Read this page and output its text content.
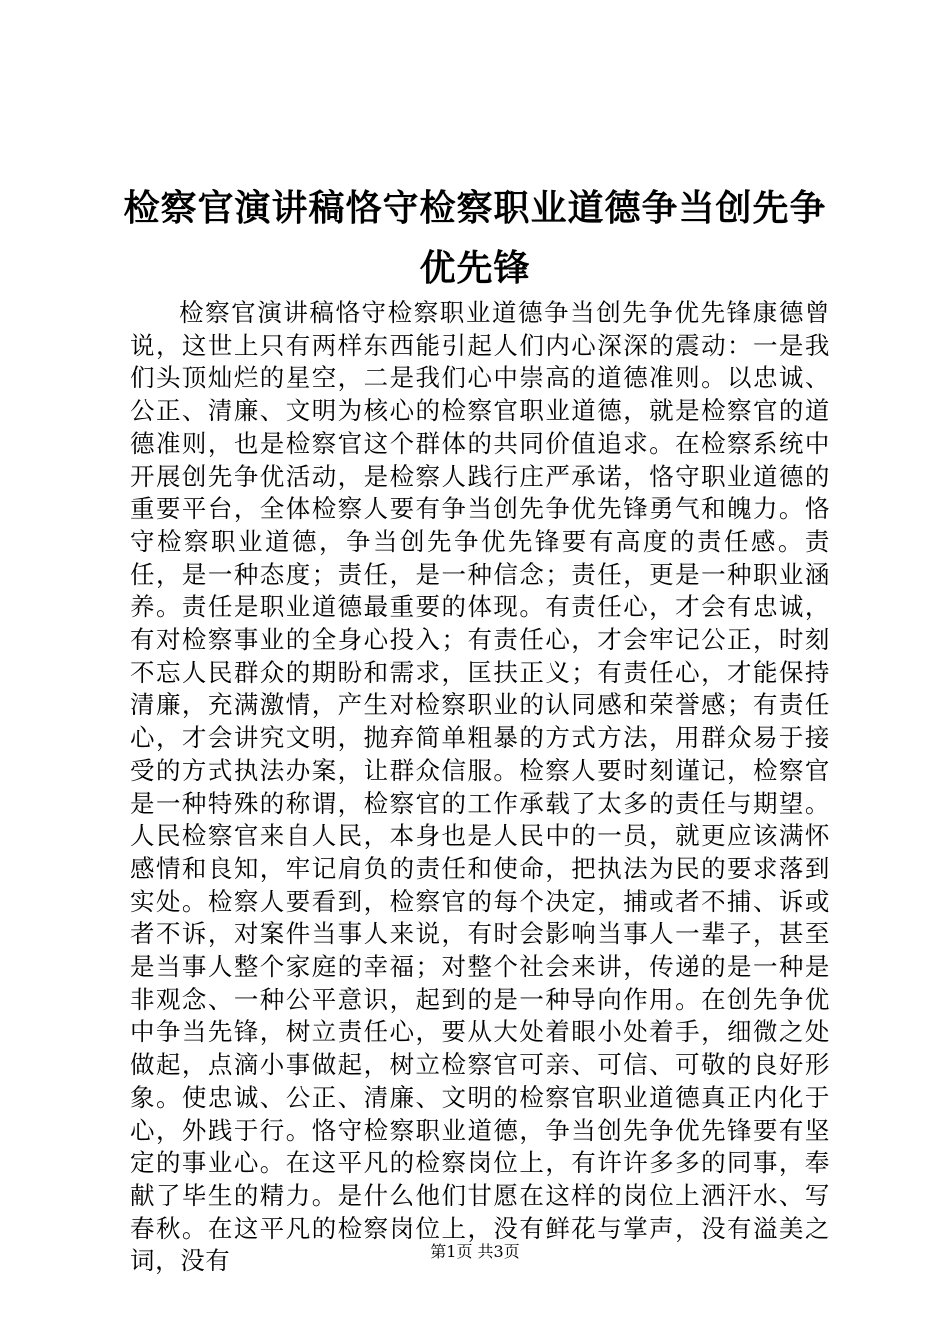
检察官演讲稿恪守检察职业道德争当创先争优先锋

检察官演讲稿恪守检察职业道德争当创先争优先锋康德曾说，这世上只有两样东西能引起人们内心深深的震动：一是我们头顶灿烂的星空，二是我们心中崇高的道德准则。以忠诚、公正、清廉、文明为核心的检察官职业道德，就是检察官的道德准则，也是检察官这个群体的共同价值追求。在检察系统中开展创先争优活动，是检察人践行庄严承诺，恪守职业道德的重要平台，全体检察人要有争当创先争优先锋勇气和魄力。恪守检察职业道德，争当创先争优先锋要有高度的责任感。责任，是一种态度；责任，是一种信念；责任，更是一种职业涵养。责任是职业道德最重要的体现。有责任心，才会有忠诚，有对检察事业的全身心投入；有责任心，才会牢记公正，时刻不忘人民群众的期盼和需求，匡扶正义；有责任心，才能保持清廉，充满激情，产生对检察职业的认同感和荣誉感；有责任心，才会讲究文明，抛弃简单粗暴的方式方法，用群众易于接受的方式执法办案，让群众信服。检察人要时刻谨记，检察官是一种特殊的称谓，检察官的工作承载了太多的责任与期望。人民检察官来自人民，本身也是人民中的一员，就更应该满怀感情和良知，牢记肩负的责任和使命，把执法为民的要求落到实处。检察人要看到，检察官的每个决定，捕或者不捕、诉或者不诉，对案件当事人来说，有时会影响当事人一辈子，甚至是当事人整个家庭的幸福；对整个社会来讲，传递的是一种是非观念、一种公平意识，起到的是一种导向作用。在创先争优中争当先锋，树立责任心，要从大处着眼小处着手，细微之处做起，点滴小事做起，树立检察官可亲、可信、可敬的良好形象。使忠诚、公正、清廉、文明的检察官职业道德真正内化于心，外践于行。恪守检察职业道德，争当创先争优先锋要有坚定的事业心。在这平凡的检察岗位上，有许许多多的同事，奉献了毕生的精力。是什么他们甘愿在这样的岗位上洒汗水、写春秋。在这平凡的检察岗位上，没有鲜花与掌声，没有溢美之词，没有	第1页 共3页
